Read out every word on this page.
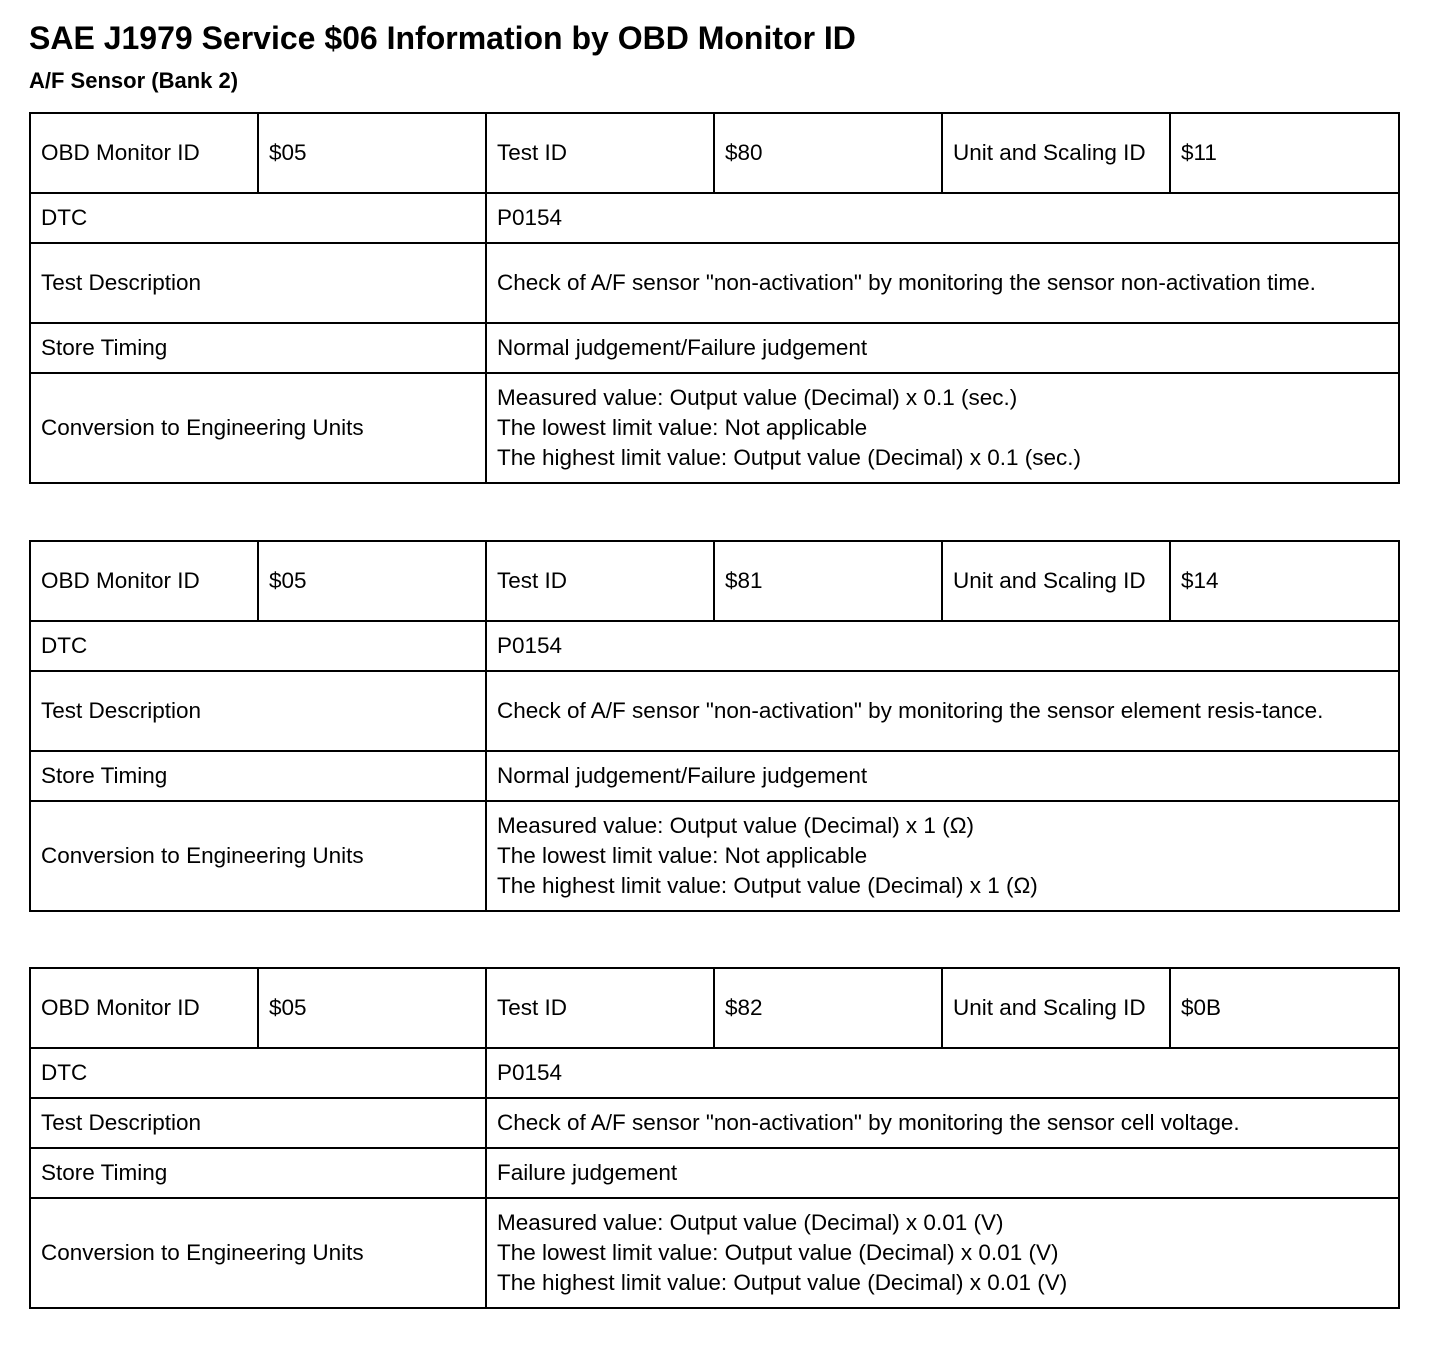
SAE J1979 Service $06 Information by OBD Monitor ID
A/F Sensor (Bank 2)
OBD Monitor ID	$05	Test ID	$80	Unit and Scaling ID	$11
DTC		P0154			
Test Description		Check of A/F sensor "non-activation" by monitoring the sensor non-activation time.			
Store Timing		Normal judgement/Failure judgement			
Conversion to Engineering Units		Measured value: Output value (Decimal) x 0.1 (sec.)
The lowest limit value: Not applicable
The highest limit value: Output value (Decimal) x 0.1 (sec.)			
OBD Monitor ID	$05	Test ID	$81	Unit and Scaling ID	$14
DTC		P0154			
Test Description		Check of A/F sensor "non-activation" by monitoring the sensor element resis-tance.			
Store Timing		Normal judgement/Failure judgement			
Conversion to Engineering Units		Measured value: Output value (Decimal) x 1 (Ω)
The lowest limit value: Not applicable
The highest limit value: Output value (Decimal) x 1 (Ω)			
OBD Monitor ID	$05	Test ID	$82	Unit and Scaling ID	$0B
DTC		P0154			
Test Description		Check of A/F sensor "non-activation" by monitoring the sensor cell voltage.			
Store Timing		Failure judgement			
Conversion to Engineering Units		Measured value: Output value (Decimal) x 0.01 (V)
The lowest limit value: Output value (Decimal) x 0.01 (V)
The highest limit value: Output value (Decimal) x 0.01 (V)			
